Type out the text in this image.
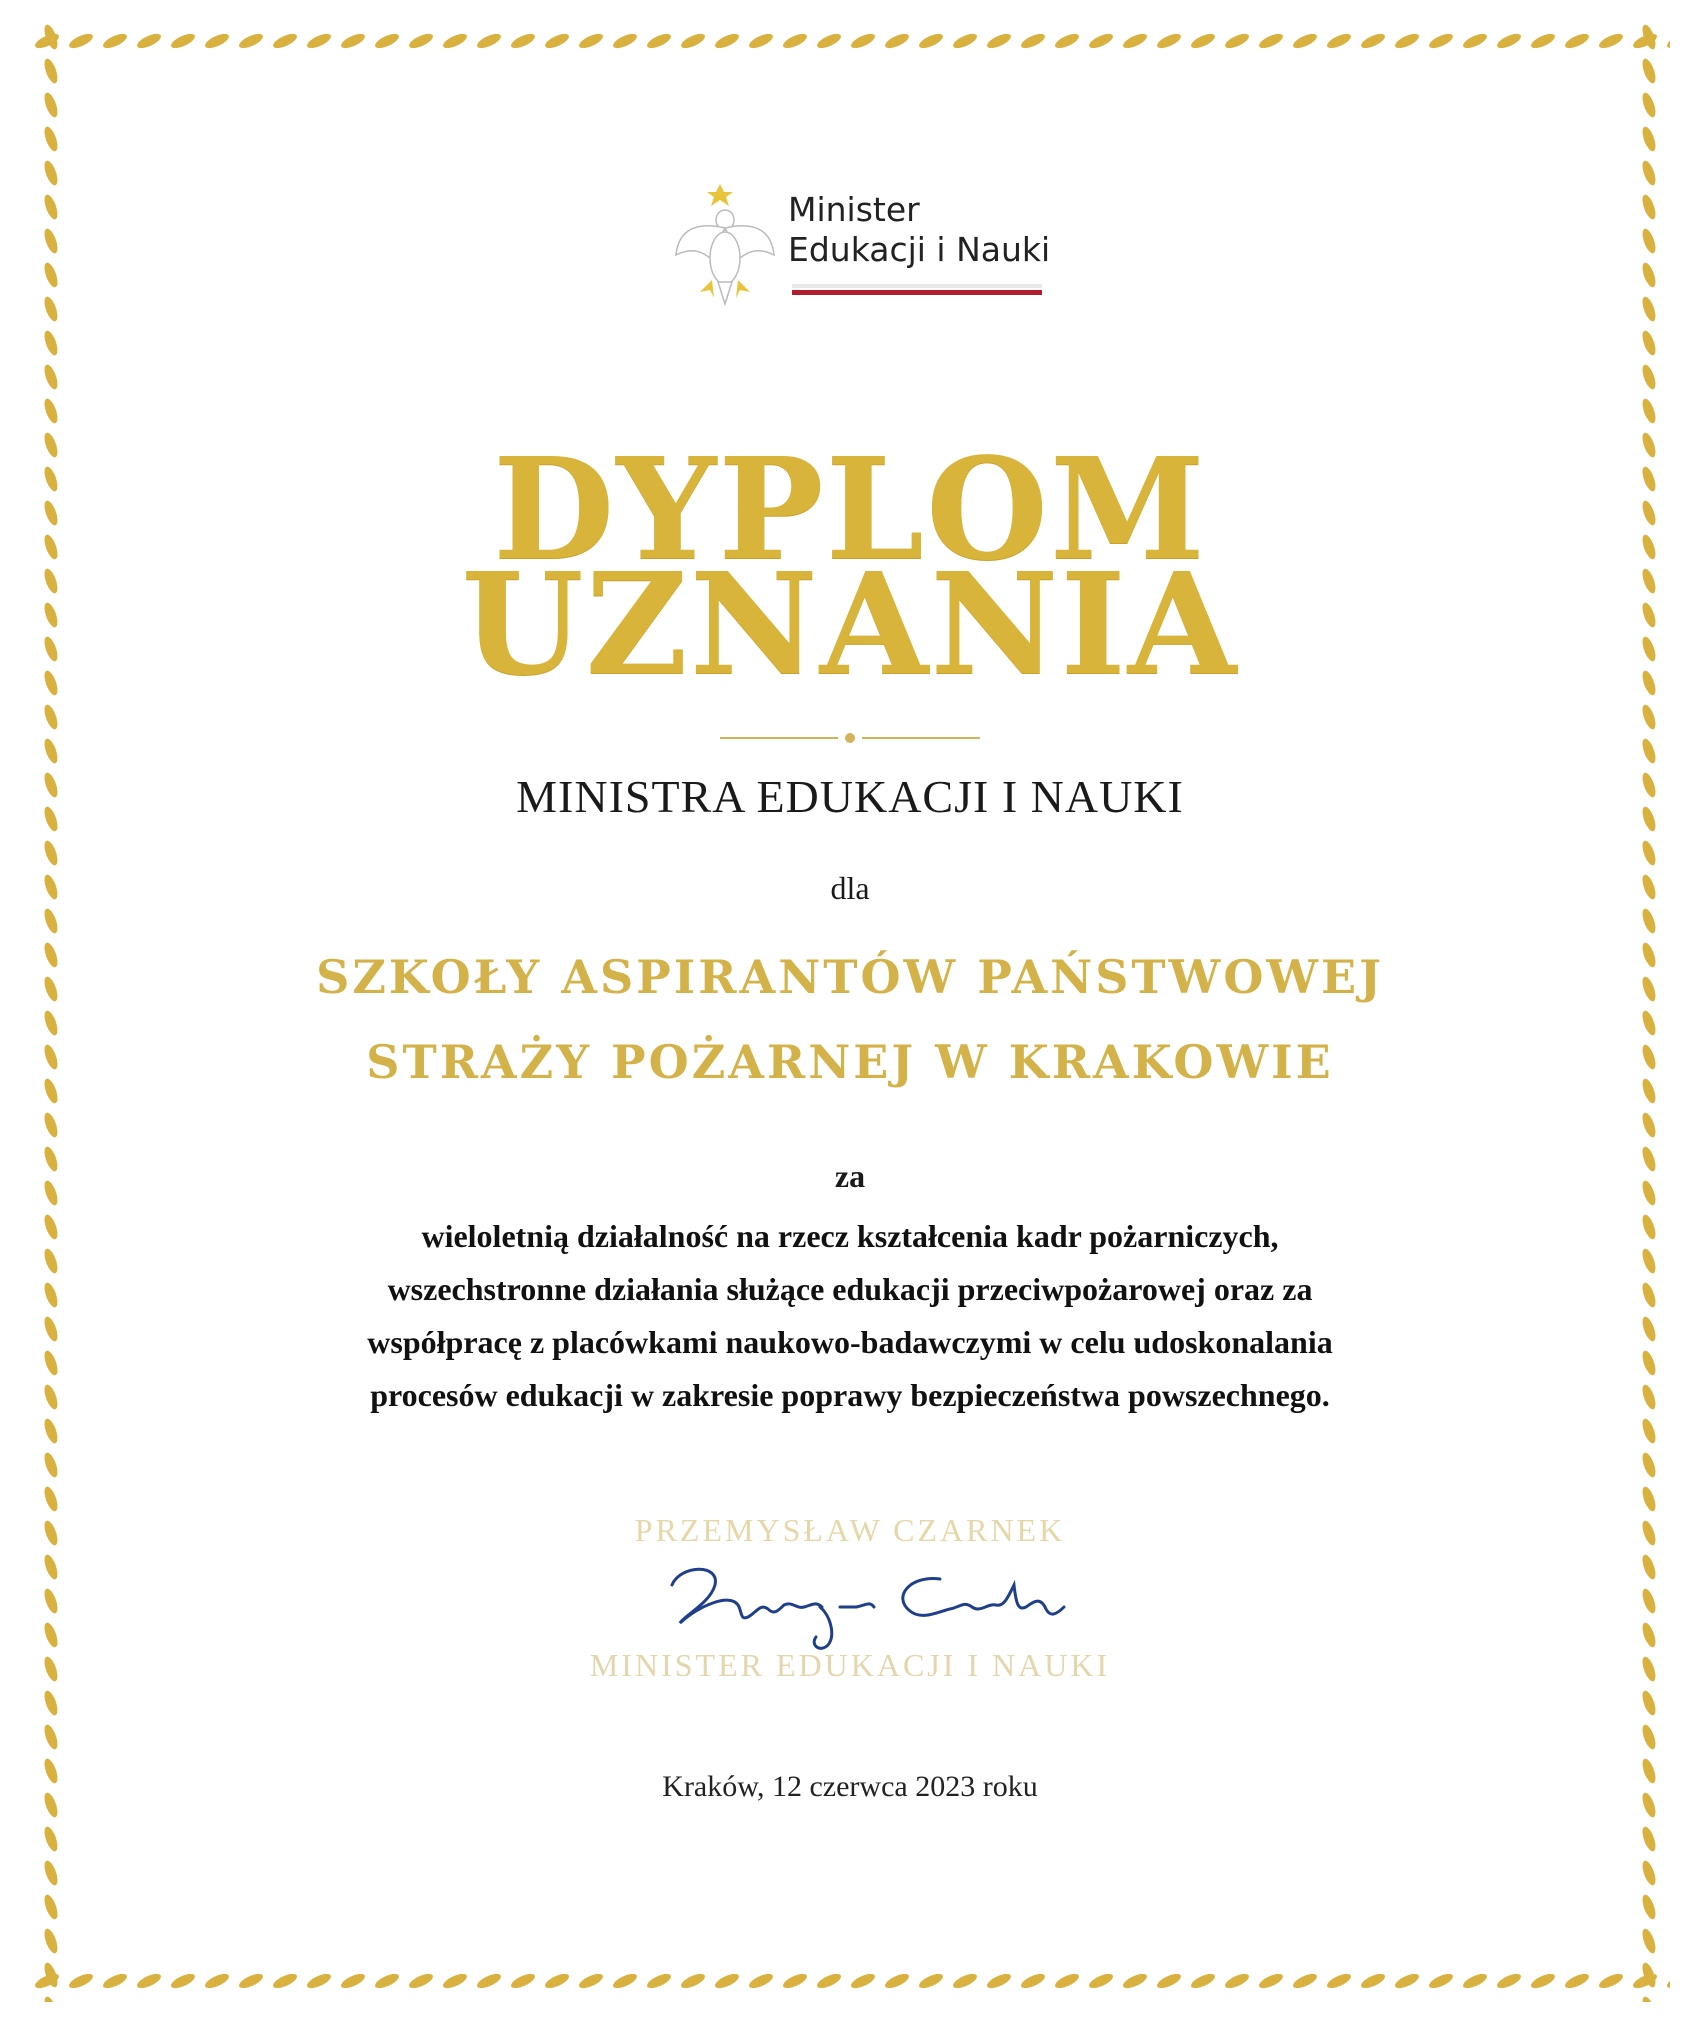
Minister
Edukacji i Nauki
DYPLOM
UZNANIA
MINISTRA EDUKACJI I NAUKI
dla
SZKOŁY ASPIRANTÓW PAŃSTWOWEJ
STRAŻY POŻARNEJ W KRAKOWIE
za
wieloletnią działalność na rzecz kształcenia kadr pożarniczych,
wszechstronne działania służące edukacji przeciwpożarowej oraz za
współpracę z placówkami naukowo-badawczymi w celu udoskonalania
procesów edukacji w zakresie poprawy bezpieczeństwa powszechnego.
PRZEMYSŁAW CZARNEK
MINISTER EDUKACJI I NAUKI
Kraków, 12 czerwca 2023 roku
